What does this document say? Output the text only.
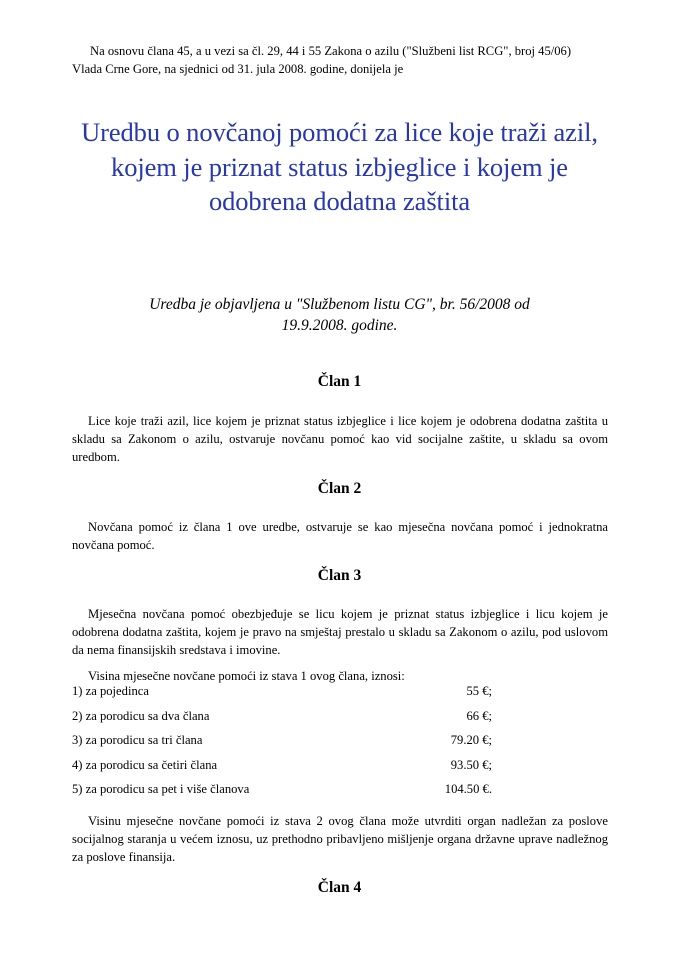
Na osnovu člana 45, a u vezi sa čl. 29, 44 i 55 Zakona o azilu ("Službeni list RCG", broj 45/06)

Vlada Crne Gore, na sjednici od 31. jula 2008. godine, donijela je

Uredbu o novčanoj pomoći za lice koje traži azil,
kojem je priznat status izbjeglice i kojem je
odobrena dodatna zaštita
Uredba je objavljena u "Službenom listu CG", br. 56/2008 od
19.9.2008. godine.
Član 1

Lice koje traži azil, lice kojem je priznat status izbjeglice i lice kojem je odobrena dodatna zaštita u skladu sa Zakonom o azilu, ostvaruje novčanu pomoć kao vid socijalne zaštite, u skladu sa ovom uredbom.

Član 2

Novčana pomoć iz člana 1 ove uredbe, ostvaruje se kao mjesečna novčana pomoć i jednokratna novčana pomoć.

Član 3

Mjesečna novčana pomoć obezbjeđuje se licu kojem je priznat status izbjeglice i licu kojem je odobrena dodatna zaštita, kojem je pravo na smještaj prestalo u skladu sa Zakonom o azilu, pod uslovom da nema finansijskih sredstava i imovine.

Visina mjesečne novčane pomoći iz stava 1 ovog člana, iznosi:

1) za pojedinca	55 €;
2) za porodicu sa dva člana	66 €;
3) za porodicu sa tri člana	79.20 €;
4) za porodicu sa četiri člana	93.50 €;
5) za porodicu sa pet i više članova	104.50 €.

Visinu mjesečne novčane pomoći iz stava 2 ovog člana može utvrditi organ nadležan za poslove socijalnog staranja u većem iznosu, uz prethodno pribavljeno mišljenje organa državne uprave nadležnog za poslove finansija.

Član 4
